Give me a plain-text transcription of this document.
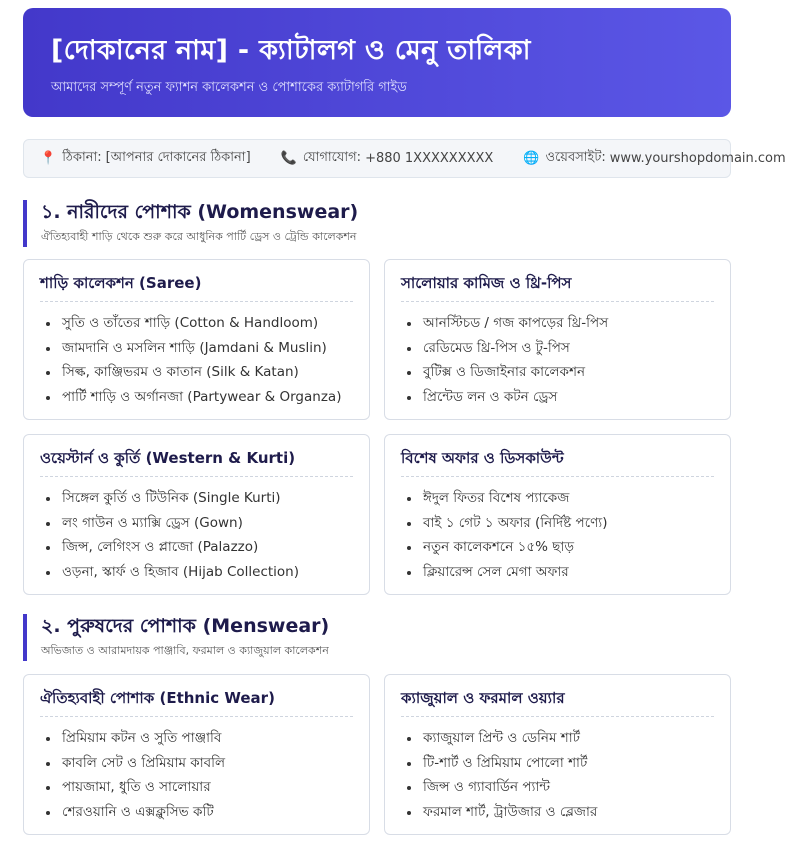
[দোকানের নাম] - ক্যাটালগ ও মেনু তালিকা
আমাদের সম্পূর্ণ নতুন ফ্যাশন কালেকশন ও পোশাকের ক্যাটাগরি গাইড
📍 ঠিকানা: [আপনার দোকানের ঠিকানা] 📞 যোগাযোগ: +880 1XXXXXXXXX 🌐 ওয়েবসাইট: www.yourshopdomain.com
১. নারীদের পোশাক (Womenswear)
ঐতিহ্যবাহী শাড়ি থেকে শুরু করে আধুনিক পার্টি ড্রেস ও ট্রেন্ডি কালেকশন
শাড়ি কালেকশন (Saree)
সুতি ও তাঁতের শাড়ি (Cotton & Handloom)
জামদানি ও মসলিন শাড়ি (Jamdani & Muslin)
সিল্ক, কাঞ্জিভরম ও কাতান (Silk & Katan)
পার্টি শাড়ি ও অর্গানজা (Partywear & Organza)
সালোয়ার কামিজ ও থ্রি-পিস
আনস্টিচড / গজ কাপড়ের থ্রি-পিস
রেডিমেড থ্রি-পিস ও টু-পিস
বুটিক্স ও ডিজাইনার কালেকশন
প্রিন্টেড লন ও কটন ড্রেস
ওয়েস্টার্ন ও কুর্তি (Western & Kurti)
সিঙ্গেল কুর্তি ও টিউনিক (Single Kurti)
লং গাউন ও ম্যাক্সি ড্রেস (Gown)
জিন্স, লেগিংস ও প্লাজো (Palazzo)
ওড়না, স্কার্ফ ও হিজাব (Hijab Collection)
বিশেষ অফার ও ডিসকাউন্ট
ঈদুল ফিতর বিশেষ প্যাকেজ
বাই ১ গেট ১ অফার (নির্দিষ্ট পণ্যে)
নতুন কালেকশনে ১৫% ছাড়
ক্লিয়ারেন্স সেল মেগা অফার
২. পুরুষদের পোশাক (Menswear)
অভিজাত ও আরামদায়ক পাঞ্জাবি, ফরমাল ও ক্যাজুয়াল কালেকশন
ঐতিহ্যবাহী পোশাক (Ethnic Wear)
প্রিমিয়াম কটন ও সুতি পাঞ্জাবি
কাবলি সেট ও প্রিমিয়াম কাবলি
পায়জামা, ধুতি ও সালোয়ার
শেরওয়ানি ও এক্সক্লুসিভ কটি
ক্যাজুয়াল ও ফরমাল ওয়্যার
ক্যাজুয়াল প্রিন্ট ও ডেনিম শার্ট
টি-শার্ট ও প্রিমিয়াম পোলো শার্ট
জিন্স ও গ্যাবার্ডিন প্যান্ট
ফরমাল শার্ট, ট্রাউজার ও ব্লেজার
